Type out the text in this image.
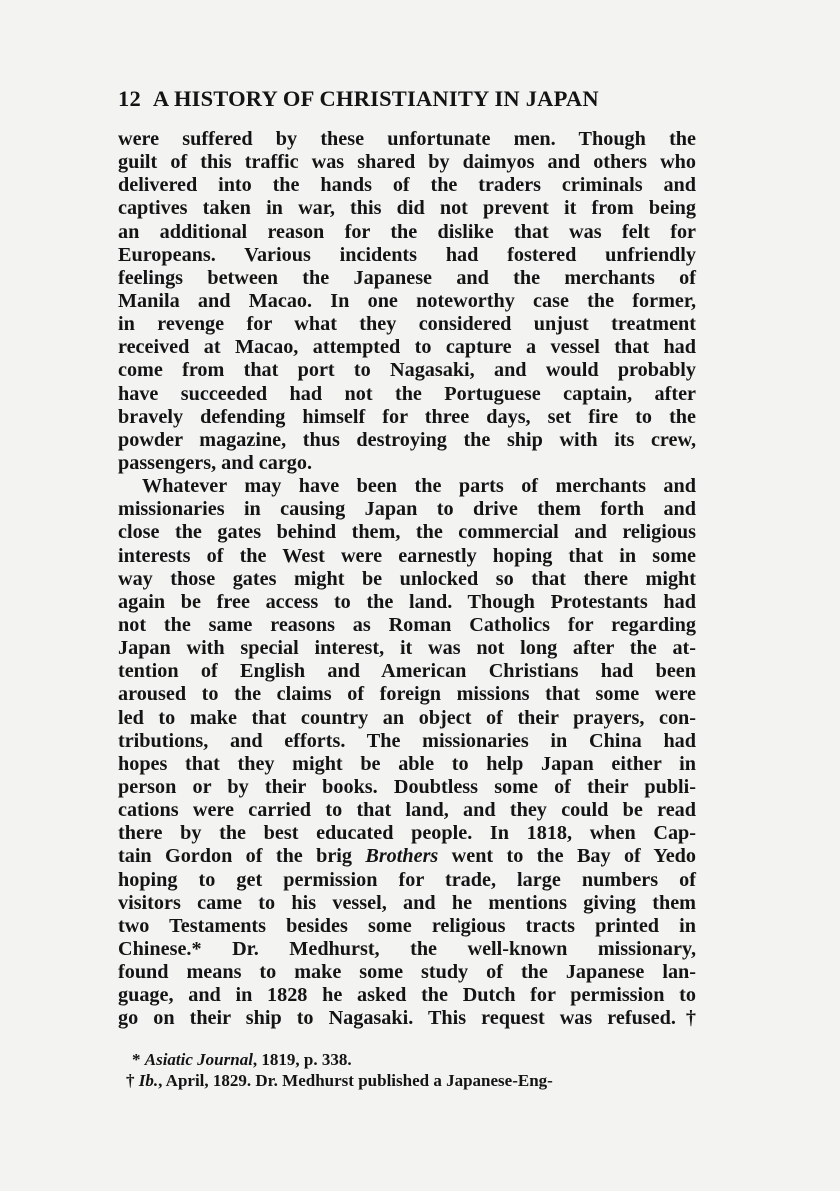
12 A HISTORY OF CHRISTIANITY IN JAPAN
were suffered by these unfortunate men. Though the
guilt of this traffic was shared by daimyos and others who
delivered into the hands of the traders criminals and
captives taken in war, this did not prevent it from being
an additional reason for the dislike that was felt for
Europeans. Various incidents had fostered unfriendly
feelings between the Japanese and the merchants of
Manila and Macao. In one noteworthy case the former,
in revenge for what they considered unjust treatment
received at Macao, attempted to capture a vessel that had
come from that port to Nagasaki, and would probably
have succeeded had not the Portuguese captain, after
bravely defending himself for three days, set fire to the
powder magazine, thus destroying the ship with its crew,
passengers, and cargo.
Whatever may have been the parts of merchants and
missionaries in causing Japan to drive them forth and
close the gates behind them, the commercial and religious
interests of the West were earnestly hoping that in some
way those gates might be unlocked so that there might
again be free access to the land. Though Protestants had
not the same reasons as Roman Catholics for regarding
Japan with special interest, it was not long after the at-
tention of English and American Christians had been
aroused to the claims of foreign missions that some were
led to make that country an object of their prayers, con-
tributions, and efforts. The missionaries in China had
hopes that they might be able to help Japan either in
person or by their books. Doubtless some of their publi-
cations were carried to that land, and they could be read
there by the best educated people. In 1818, when Cap-
tain Gordon of the brig Brothers went to the Bay of Yedo
hoping to get permission for trade, large numbers of
visitors came to his vessel, and he mentions giving them
two Testaments besides some religious tracts printed in
Chinese.* Dr. Medhurst, the well-known missionary,
found means to make some study of the Japanese lan-
guage, and in 1828 he asked the Dutch for permission to
go on their ship to Nagasaki. This request was refused.†
* Asiatic Journal, 1819, p. 338.
† Ib., April, 1829. Dr. Medhurst published a Japanese-Eng-
